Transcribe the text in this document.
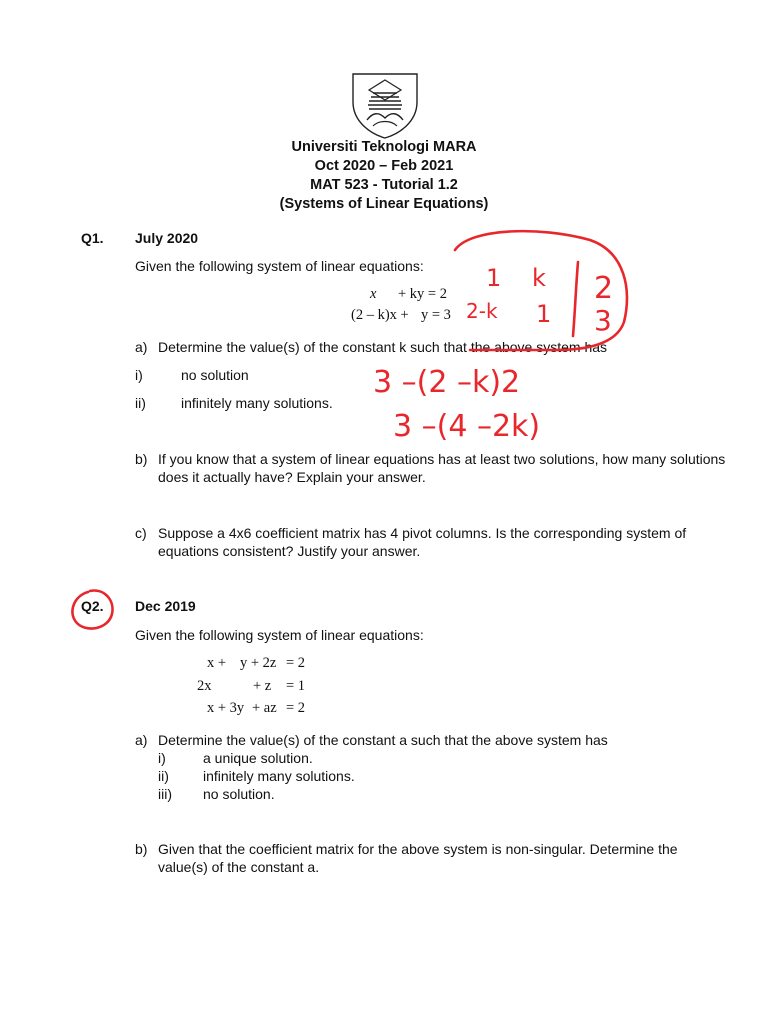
Universiti Teknologi MARA
Oct 2020 – Feb 2021
MAT 523 - Tutorial 1.2
(Systems of Linear Equations)
Q1. July 2020
Given the following system of linear equations:
x + ky = 2
(2 – k)x + y = 3
a) Determine the value(s) of the constant k such that the above system has
i)	no solution
ii)	infinitely many solutions.
b) If you know that a system of linear equations has at least two solutions, how many solutions
does it actually have? Explain your answer.
c) Suppose a 4x6 coefficient matrix has 4 pivot columns. Is the corresponding system of
equations consistent? Justify your answer.
Q2. Dec 2019
Given the following system of linear equations:
x + y + 2z = 2
2x	+ z = 1
x + 3y + az = 2
a) Determine the value(s) of the constant a such that the above system has
i)	a unique solution.
ii) infinitely many solutions.
iii) no solution.
b) Given that the coefficient matrix for the above system is non-singular. Determine the
value(s) of the constant a.
1 k 2
2-k 1 3
3 –(2 –k)2
3 –(4 –2k)
